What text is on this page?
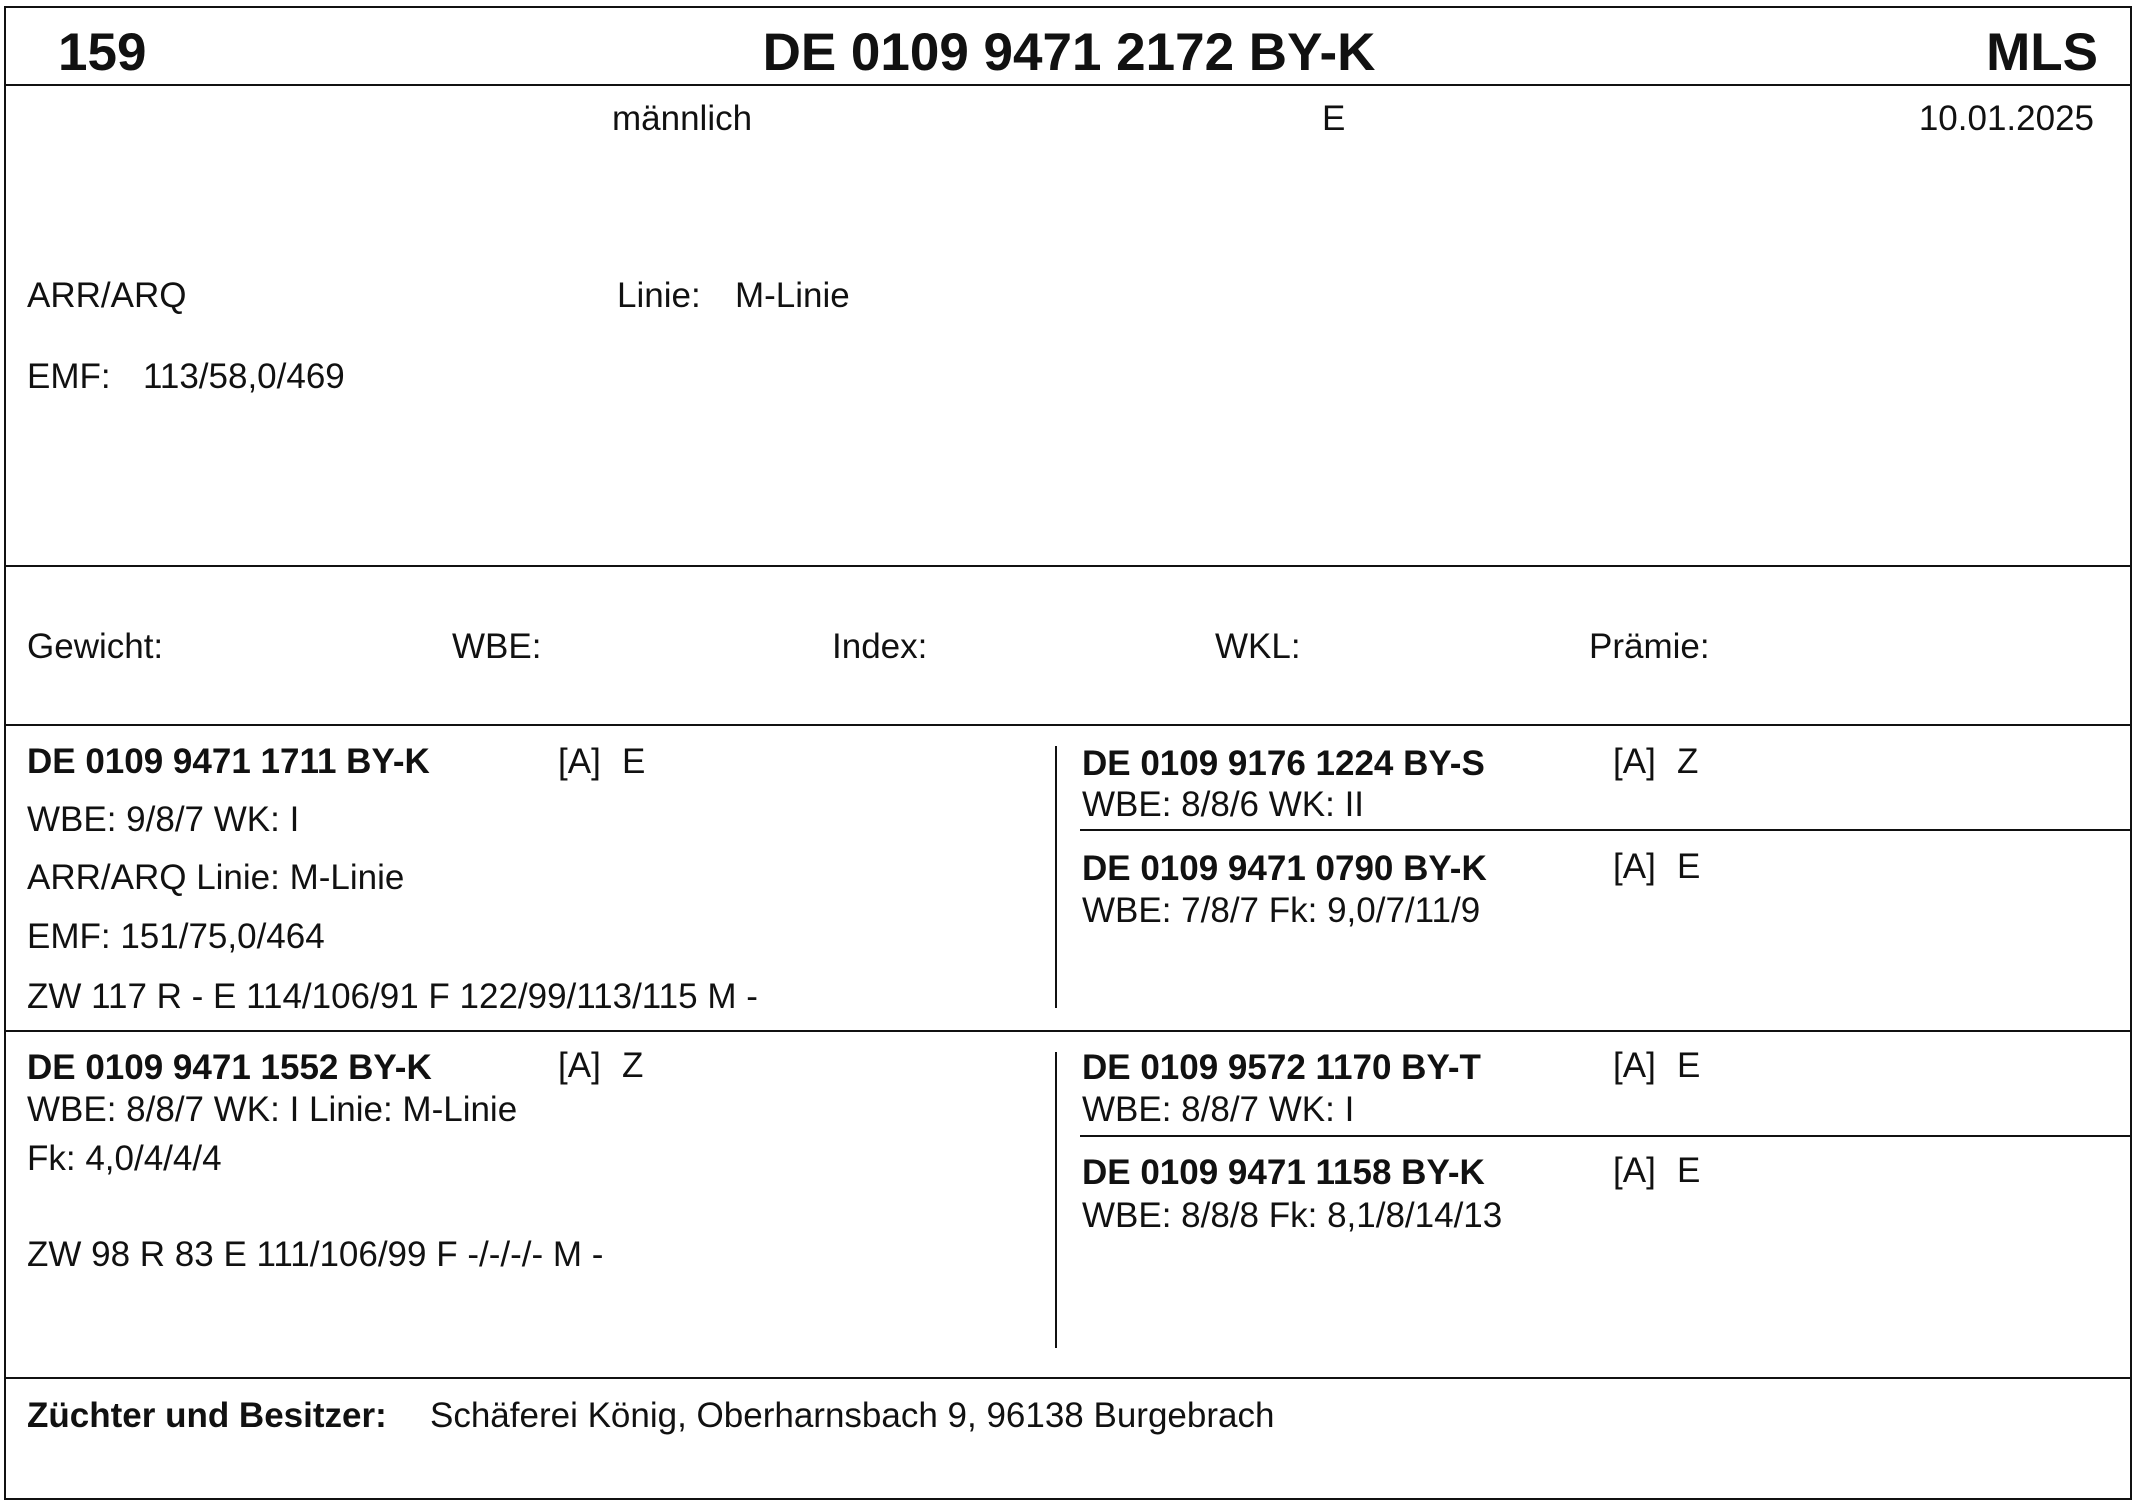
159	DE 0109 9471 2172 BY-K	MLS
männlich	E	10.01.2025
ARR/ARQ	Linie: M-Linie
EMF: 113/58,0/469
Gewicht:	WBE:	Index:	WKL:	Prämie:
DE 0109 9471 1711 BY-K	[A] E
WBE: 9/8/7 WK: I
ARR/ARQ Linie: M-Linie
EMF: 151/75,0/464
ZW 117 R - E 114/106/91 F 122/99/113/115 M -
DE 0109 9176 1224 BY-S	[A] Z
WBE: 8/8/6 WK: II
DE 0109 9471 0790 BY-K	[A] E
WBE: 7/8/7 Fk: 9,0/7/11/9
DE 0109 9471 1552 BY-K	[A] Z
WBE: 8/8/7 WK: I Linie: M-Linie
Fk: 4,0/4/4/4
ZW 98 R 83 E 111/106/99 F -/-/-/- M -
DE 0109 9572 1170 BY-T	[A] E
WBE: 8/8/7 WK: I
DE 0109 9471 1158 BY-K	[A] E
WBE: 8/8/8 Fk: 8,1/8/14/13
Züchter und Besitzer: Schäferei König, Oberharnsbach 9, 96138 Burgebrach
